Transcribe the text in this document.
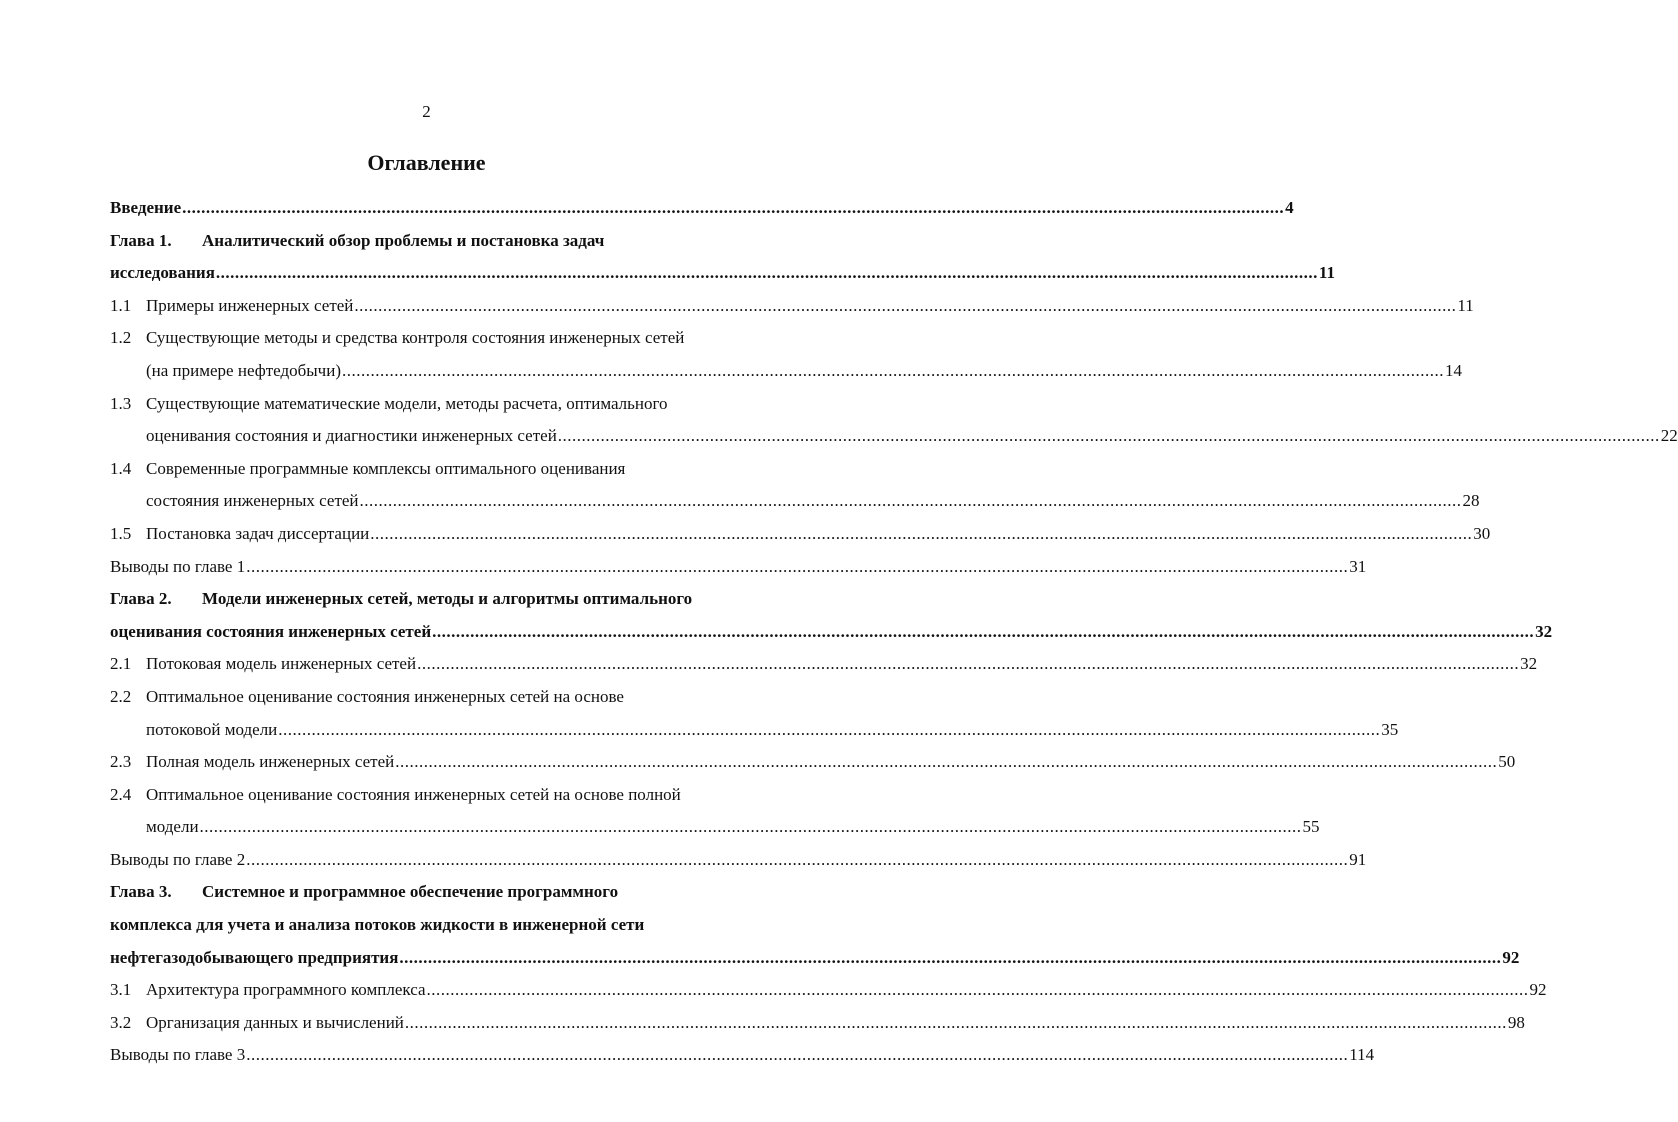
2
Оглавление
Введение .....	4
Глава 1.	Аналитический обзор проблемы и постановка задач
исследования .....	11
1.1 Примеры инженерных сетей .....	11
1.2 Существующие методы и средства контроля состояния инженерных сетей
(на примере нефтедобычи) .....	14
1.3 Существующие математические модели, методы расчета, оптимального
оценивания состояния и диагностики инженерных сетей .....	22
1.4 Современные программные комплексы оптимального оценивания
состояния инженерных сетей .....	28
1.5 Постановка задач диссертации .....	30
Выводы по главе 1 .....	31
Глава 2.	Модели инженерных сетей, методы и алгоритмы оптимального
оценивания состояния инженерных сетей .....	32
2.1 Потоковая модель инженерных сетей .....	32
2.2 Оптимальное оценивание состояния инженерных сетей на основе
потоковой модели .....	35
2.3 Полная модель инженерных сетей .....	50
2.4 Оптимальное оценивание состояния инженерных сетей на основе полной
модели .....	55
Выводы по главе 2 .....	91
Глава 3.	Системное и программное обеспечение программного
комплекса для учета и анализа потоков жидкости в инженерной сети
нефтегазодобывающего предприятия .....	92
3.1 Архитектура программного комплекса .....	92
3.2 Организация данных и вычислений .....	98
Выводы по главе 3 .....	114
